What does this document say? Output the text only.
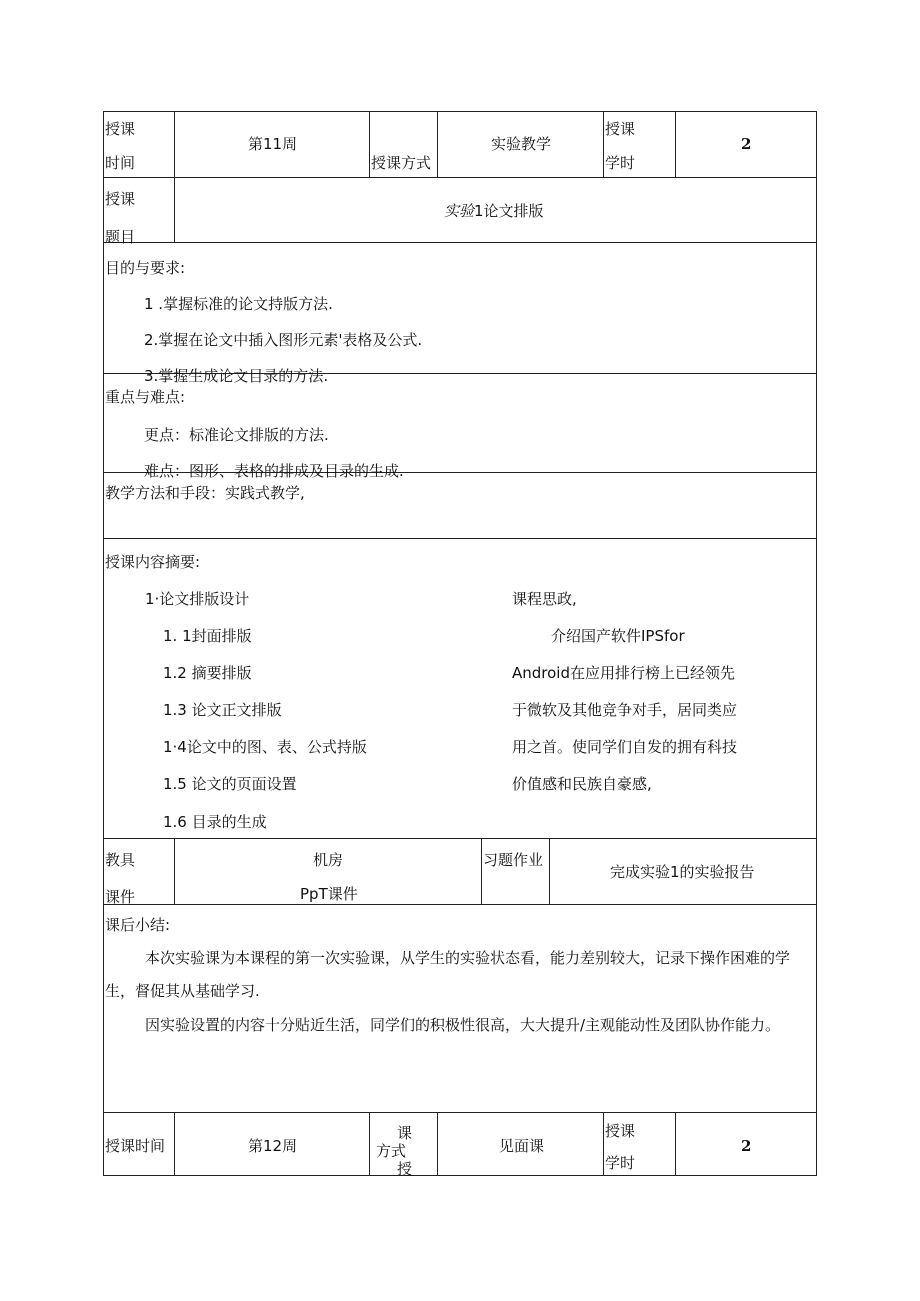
授课
时间
第11周
授课方式
实验教学
授课
学时
2
授课
题目
实验1论文排版
目的与要求:
1 .掌握标准的论文持版方法.
2.掌握在论文中插入图形元素'表格及公式.
3.掌握生成论文目录的方法.
重点与难点:
更点：标准论文排版的方法.
难点：图形、表格的排成及目录的生成.
教学方法和手段：实践式教学,
授课内容摘要:
1·论文排版设计
1. 1封面排版
1.2 摘要排版
1.3 论文正文排版
1·4论文中的图、表、公式持版
1.5 论文的页面设置
1.6 目录的生成
课程思政,
介绍国产软件IPSfor
Android在应用排行榜上已经领先
于微软及其他竞争对手，居同类应
用之首。使同学们自发的拥有科技
价值感和民族自豪感,
教具
课件
机房
PpT课件
习题作业
完成实验1的实验报告
课后小结:
本次实验课为本课程的第一次实验课，从学生的实验状态看，能力差别较大，记录下操作困难的学
生，督促其从基础学习.
因实验设置的内容十分贴近生活，同学们的积极性很高，大大提升/主观能动性及团队协作能力。
授课时间	第12周
课
方式
授
见面课
授课
学时
2
